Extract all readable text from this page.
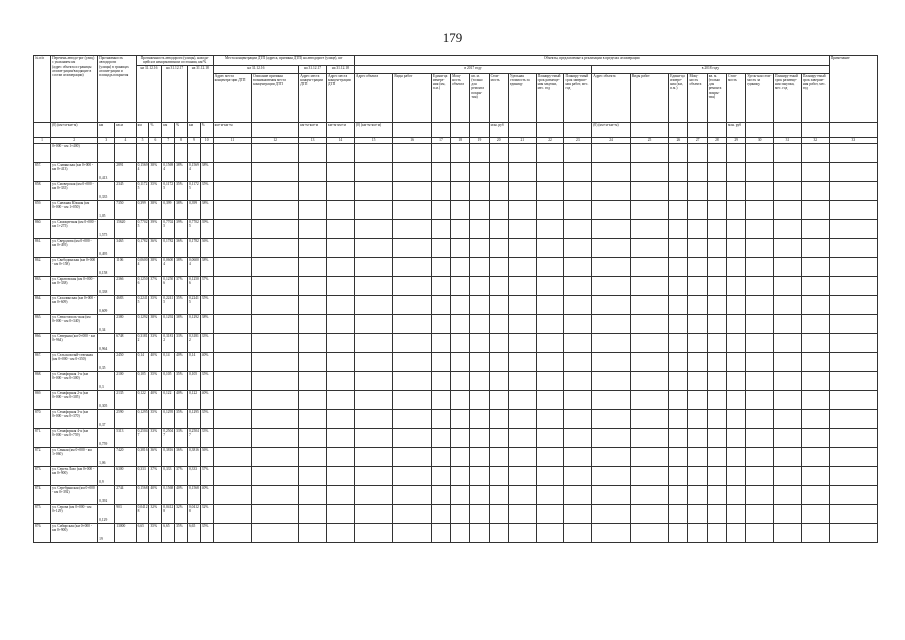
179
№ п/п	Перечень автодо-рог (улиц) с указанием км
(адрес объекта и границы агломе-рации/входящие в состав агломерации)	Протяженность автодороги
(улицы) в границах агломе-рации и площадь покрытия		Протяженность автодороги (улицы), находя-щейся в ненормативном состоянии, км/%						Места концентрации ДТП (адреса, причины ДТП) на автодороге (улице), шт				Объекты, предлагаемые к реализации в пределах агломерации																		Примечание
				на 31.12.16		на 31.12.17		на 31.12.18		на 31.12.16		на 31.12.17	на 31.12.18	в 2017 году									в 2018 году									
										Адрес места концентра-ции ДТП	Описание причины возникновения места концентрации ДТП	Адрес места концен-трации ДТП	Адрес места концен-трации ДТП	Адрес объекта	Виды работ	Едини-ца измере-ния (км, п.м.)	Мощ-ность объекта	кв. м. (только для ремонта покры-тия)	Стои-мость	Удельная стоимость за единицу	Планиру-емый срок размеще-ния закупки, мес. год	Планиру-емый срок заверше-ния работ, мес. год	Адрес объекта	Виды работ	Едини-ца измере-ния (км, п.м.)	Мощ-ность объекта	кв. м. (только для ремонта покры-тия)	Стои-мость	Удель-ная стои-мость за единицу	Планиру-емый срок размеще-ния закупки, мес. год	Планиру-емый срок заверше-ния работ, мес. год	
	(0) (км+м-км+м)	км	кв.м	км	%	км	%	км	%	км+м-км+м		км+м-км+м	км+м-км+м	(0) (км+м-км+м)					млн. руб				(0) (км+м-км+м)					млн. руб				
1	2	3	4	5	6	7	8	9	10	11	12	13	14	15	16	17	18	19	20	21	22	23	24	25	26	27	28	29	30	31	32	33
	0+000 - км 1+400)																															
857.	ул. Славянская (км 0+000 - км 0+413)	0,413	2891	0,1569 4	38%	0,1569 4	38%	0,1569 4	38%																							
858.	ул. Смоверская (км 0+000 - км 0+335)	0,335	2345	0,1172 5	35%	0,1172 5	35%	0,1172 5	35%																							
859.	ул. Снежная Южная (км 0+000 - км 1+050)	1,05	7350	0,399	38%	0,399	38%	0,399	38%																							
860.	ул. Самоцветная (км 0+000 - км 1+275)	1,575	15620	0,7702 5	39%	0,7702 5	39%	0,7702 5	39%																							
861.	ул. Свердлова (км 0+000 - км 0+495)	0,495	3465	0,1782	36%	0,1782	36%	0,1782	36%																							
862.	ул. Свободинская (км 0+000 - км 0+158)	0,158	1106	0,0600 4	38%	0,0600 4	38%	0,0600 4	38%																							
863.	ул. Саратовская (км 0+000 - км 0+338)	0,338	2366	0,1250 6	37%	0,1250 6	37%	0,1250 6	37%																							
864.	ул. Сахалинская (км 0+000 - км 0+609)	0,609	4683	0,2241 5	35%	0,2241 5	35%	0,2241 5	35%																							
865.	ул. Севастополь-ская (км 0+000 - км 0+340)	0,34	2380	0,1292	38%	0,1292	38%	0,1292	38%																							
866.	ул. Северная (км 0+000 - км 0+964)	0,964	6748	0,3181 2	33%	0,3181 2	33%	0,3181 2	33%																							
867.	ул. Сельскохозяй-ственная (км 0+000 - км 0+350)	0,35	2450	0,14	40%	0,14	40%	0,14	40%																							
868.	ул. Семафорная 1-я (км 0+000 - км 0+300)	0,3	2100	0,105	35%	0,105	35%	0,105	35%																							
869.	ул. Семафорная 2-я (км 0+000 - км 0+305)	0,305	2135	0,122	40%	0,122	40%	0,122	40%																							
870.	ул. Семафорная 3-я (км 0+000 - км 0+370)	0,37	2590	0,1295	35%	0,1295	35%	0,1295	35%																							
871.	ул. Семафорная 4-я (км 0+000 - км 0+759)	0,759	5313	0,2504 7	33%	0,2504 7	33%	0,2504 7	33%																							
872.	ул. Сенная (км 0+000 - км 1+060)	1,06	7420	0,3816	36%	0,3816	36%	0,3816	36%																							
873.	ул. Сергея Лазо (км 0+000 - км 0+900)	0,9	6300	0,333	37%	0,333	37%	0,333	37%																							
874.	ул. Серебрянская (км 0+000 - км 0+392)	0,392	2744	0,1568	40%	0,1568	40%	0,1568	40%																							
875.	ул. Серова (км 0+000 - км 0+129)	0,129	903	0,0412 8	32%	0,0412 8	32%	0,0412 8	32%																							
876.	ул. Сибирская (км 0+000 - км 0+900)	19	13000	6,65	35%	6,65	35%	6,65	35%																							
